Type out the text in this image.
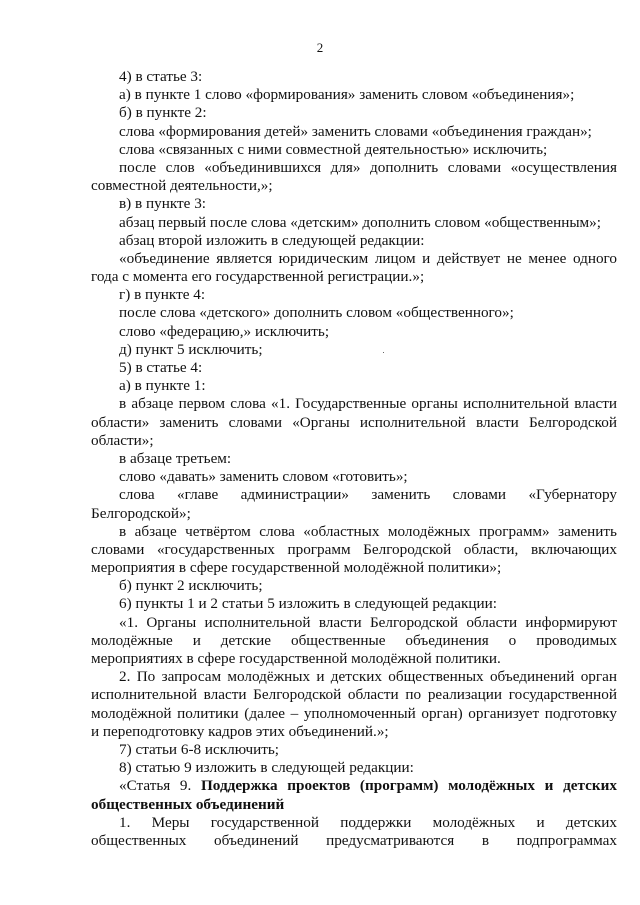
2
4) в статье 3:
а) в пункте 1 слово «формирования» заменить словом «объединения»;
б) в пункте 2:
слова «формирования детей» заменить словами «объединения граждан»;
слова «связанных с ними совместной деятельностью» исключить;
после слов «объединившихся для» дополнить словами «осуществления
совместной деятельности,»;
в) в пункте 3:
абзац первый после слова «детским» дополнить словом «общественным»;
абзац второй изложить в следующей редакции:
«объединение является юридическим лицом и действует не менее одного
года с момента его государственной регистрации.»;
г) в пункте 4:
после слова «детского» дополнить словом «общественного»;
слово «федерацию,» исключить;
д) пункт 5 исключить;
5) в статье 4:
а) в пункте 1:
в абзаце первом слова «1. Государственные органы исполнительной власти
области» заменить словами «Органы исполнительной власти Белгородской
области»;
в абзаце третьем:
слово «давать» заменить словом «готовить»;
слова «главе администрации» заменить словами «Губернатору
Белгородской»;
в абзаце четвёртом слова «областных молодёжных программ» заменить
словами «государственных программ Белгородской области, включающих
мероприятия в сфере государственной молодёжной политики»;
б) пункт 2 исключить;
6) пункты 1 и 2 статьи 5 изложить в следующей редакции:
«1. Органы исполнительной власти Белгородской области информируют
молодёжные и детские общественные объединения о проводимых
мероприятиях в сфере государственной молодёжной политики.
2. По запросам молодёжных и детских общественных объединений орган
исполнительной власти Белгородской области по реализации государственной
молодёжной политики (далее – уполномоченный орган) организует подготовку
и переподготовку кадров этих объединений.»;
7) статьи 6-8 исключить;
8) статью 9 изложить в следующей редакции:
«Статья 9. Поддержка проектов (программ) молодёжных и детских
общественных объединений
1. Меры государственной поддержки молодёжных и детских
общественных объединений предусматриваются в подпрограммах
